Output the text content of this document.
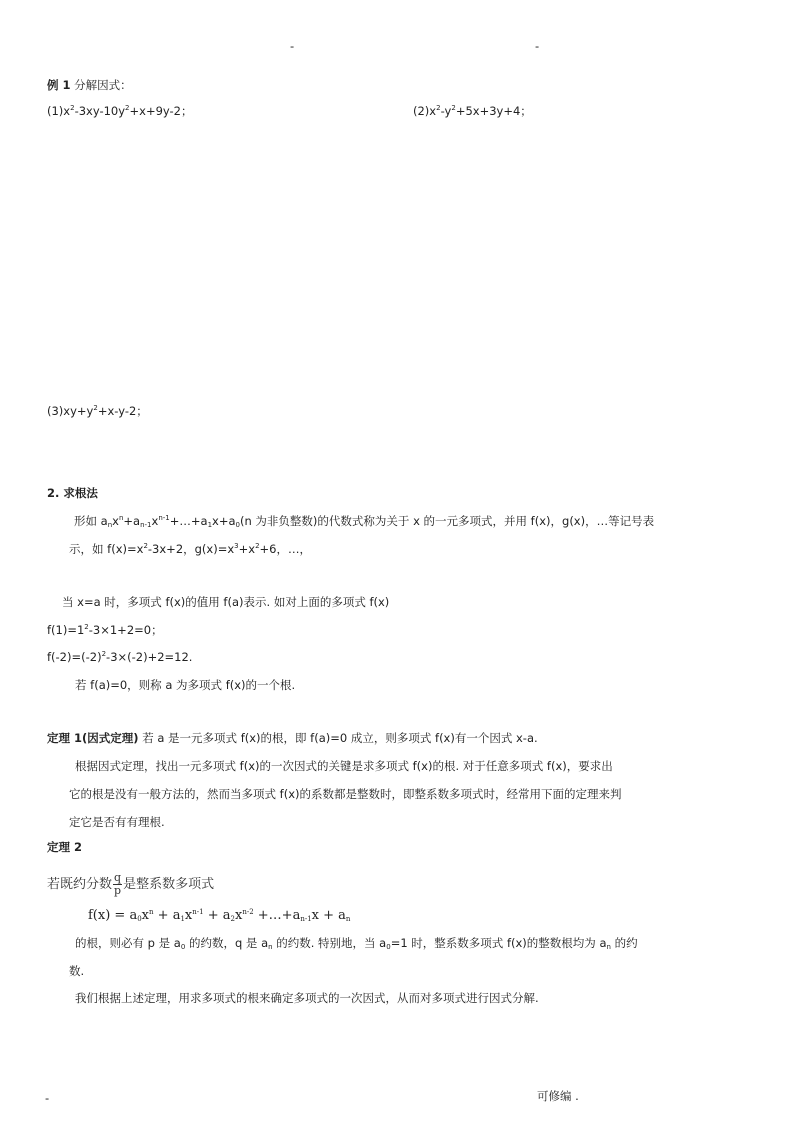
-	-
例 1 分解因式：
$(1)x^2-3xy-10y^2+x+9y-2$；	$(2)x^2-y^2+5x+3y+4$；
$(3)xy+y^2+x-y-2$；
2. 求根法
形如 $a_nx^n+a_{n-1}x^{n-1}+\dots+a_1x+a_0(n$ 为非负整数)的代数式称为关于 x 的一元多项式，并用 f(x)，g(x)，…等记号表
示，如 $f(x)=x^2-3x+2$，$g(x)=x^3+x^2+6$，…，
当 x=a 时，多项式 f(x)的值用 f(a)表示. 如对上面的多项式 f(x)
$f(1)=1^2-3\times 1+2=0$；
$f(-2)=(-2)^2-3\times(-2)+2=12$.
若 f(a)=0，则称 a 为多项式 f(x)的一个根.
定理 1(因式定理) 若 a 是一元多项式 f(x)的根，即 f(a)=0 成立，则多项式 f(x)有一个因式 x-a.
根据因式定理，找出一元多项式 f(x)的一次因式的关键是求多项式 f(x)的根. 对于任意多项式 f(x)，要求出
它的根是没有一般方法的，然而当多项式 f(x)的系数都是整数时，即整系数多项式时，经常用下面的定理来判
定它是否有有理根.
定理 2
若既约分数 $\frac{q}{p}$ 是整系数多项式
$f(x) = a_0x^n + a_1x^{n-1} + a_2x^{n-2}$ $+\dots+a_{n-1}x + a_n$
的根，则必有 p 是 $a_0$ 的约数，q 是 $a_n$ 的约数. 特别地，当 $a_0=1$ 时，整系数多项式 f(x)的整数根均为 $a_n$ 的约
数.
我们根据上述定理，用求多项式的根来确定多项式的一次因式，从而对多项式进行因式分解.
-	可修编 .
